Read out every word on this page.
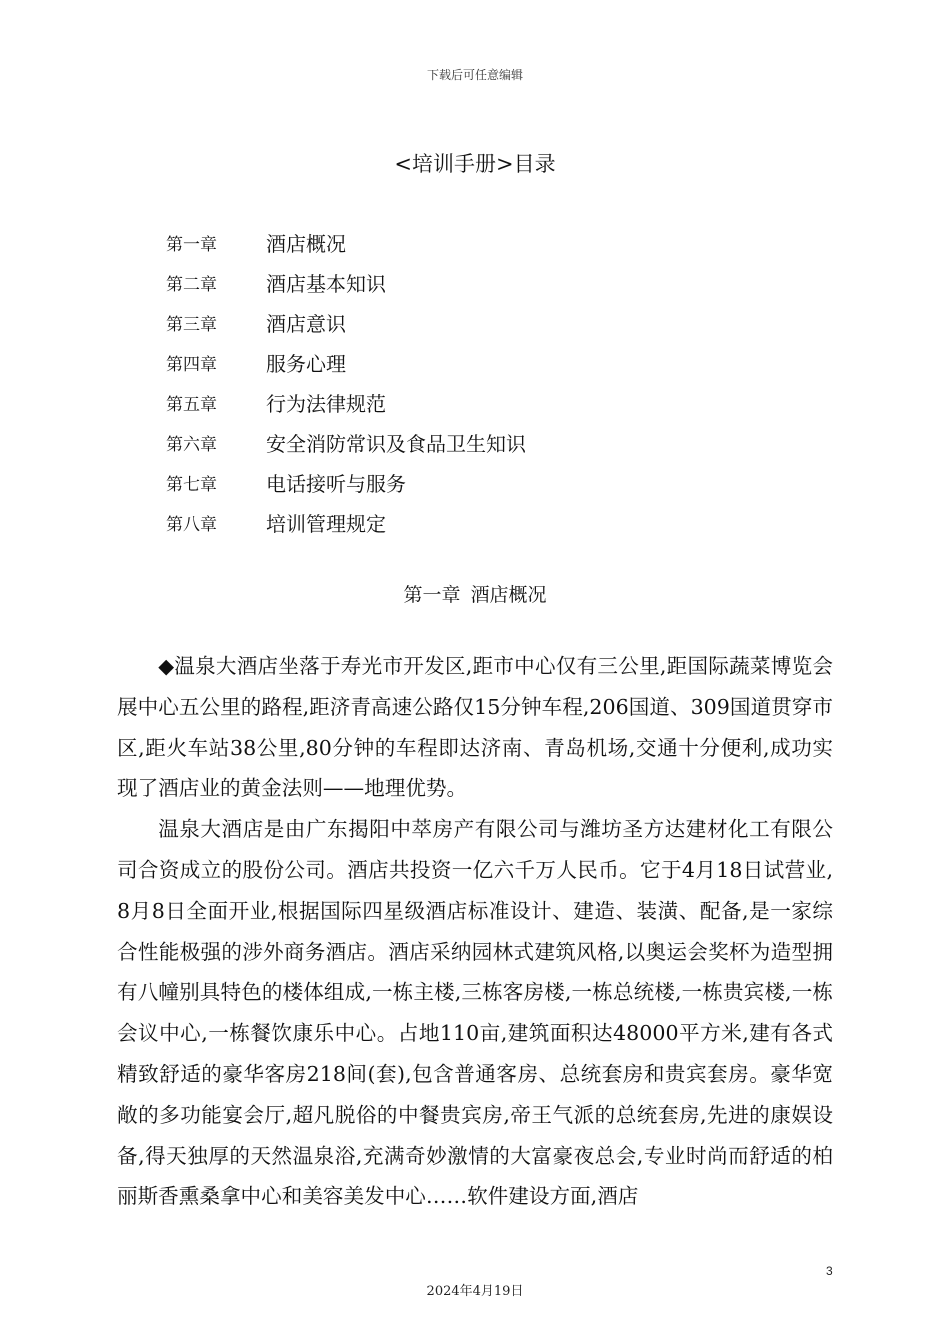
下载后可任意编辑
<培训手册>目录
第一章	酒店概况
第二章	酒店基本知识
第三章	酒店意识
第四章	服务心理
第五章	行为法律规范
第六章	安全消防常识及食品卫生知识
第七章	电话接听与服务
第八章	培训管理规定
第一章 酒店概况

◆温泉大酒店坐落于寿光市开发区,距市中心仅有三公里,距国际蔬菜博览会展中心五公里的路程,距济青高速公路仅15分钟车程,206国道、309国道贯穿市区,距火车站38公里,80分钟的车程即达济南、青岛机场,交通十分便利,成功实现了酒店业的黄金法则——地理优势。

温泉大酒店是由广东揭阳中萃房产有限公司与潍坊圣方达建材化工有限公司合资成立的股份公司。酒店共投资一亿六千万人民币。它于4月18日试营业,8月8日全面开业,根据国际四星级酒店标准设计、建造、装潢、配备,是一家综合性能极强的涉外商务酒店。酒店采纳园林式建筑风格,以奥运会奖杯为造型拥有八幢别具特色的楼体组成,一栋主楼,三栋客房楼,一栋总统楼,一栋贵宾楼,一栋会议中心,一栋餐饮康乐中心。占地110亩,建筑面积达48000平方米,建有各式精致舒适的豪华客房218间(套),包含普通客房、总统套房和贵宾套房。豪华宽敞的多功能宴会厅,超凡脱俗的中餐贵宾房,帝王气派的总统套房,先进的康娱设备,得天独厚的天然温泉浴,充满奇妙激情的大富豪夜总会,专业时尚而舒适的柏丽斯香熏桑拿中心和美容美发中心……软件建设方面,酒店

3
2024年4月19日
